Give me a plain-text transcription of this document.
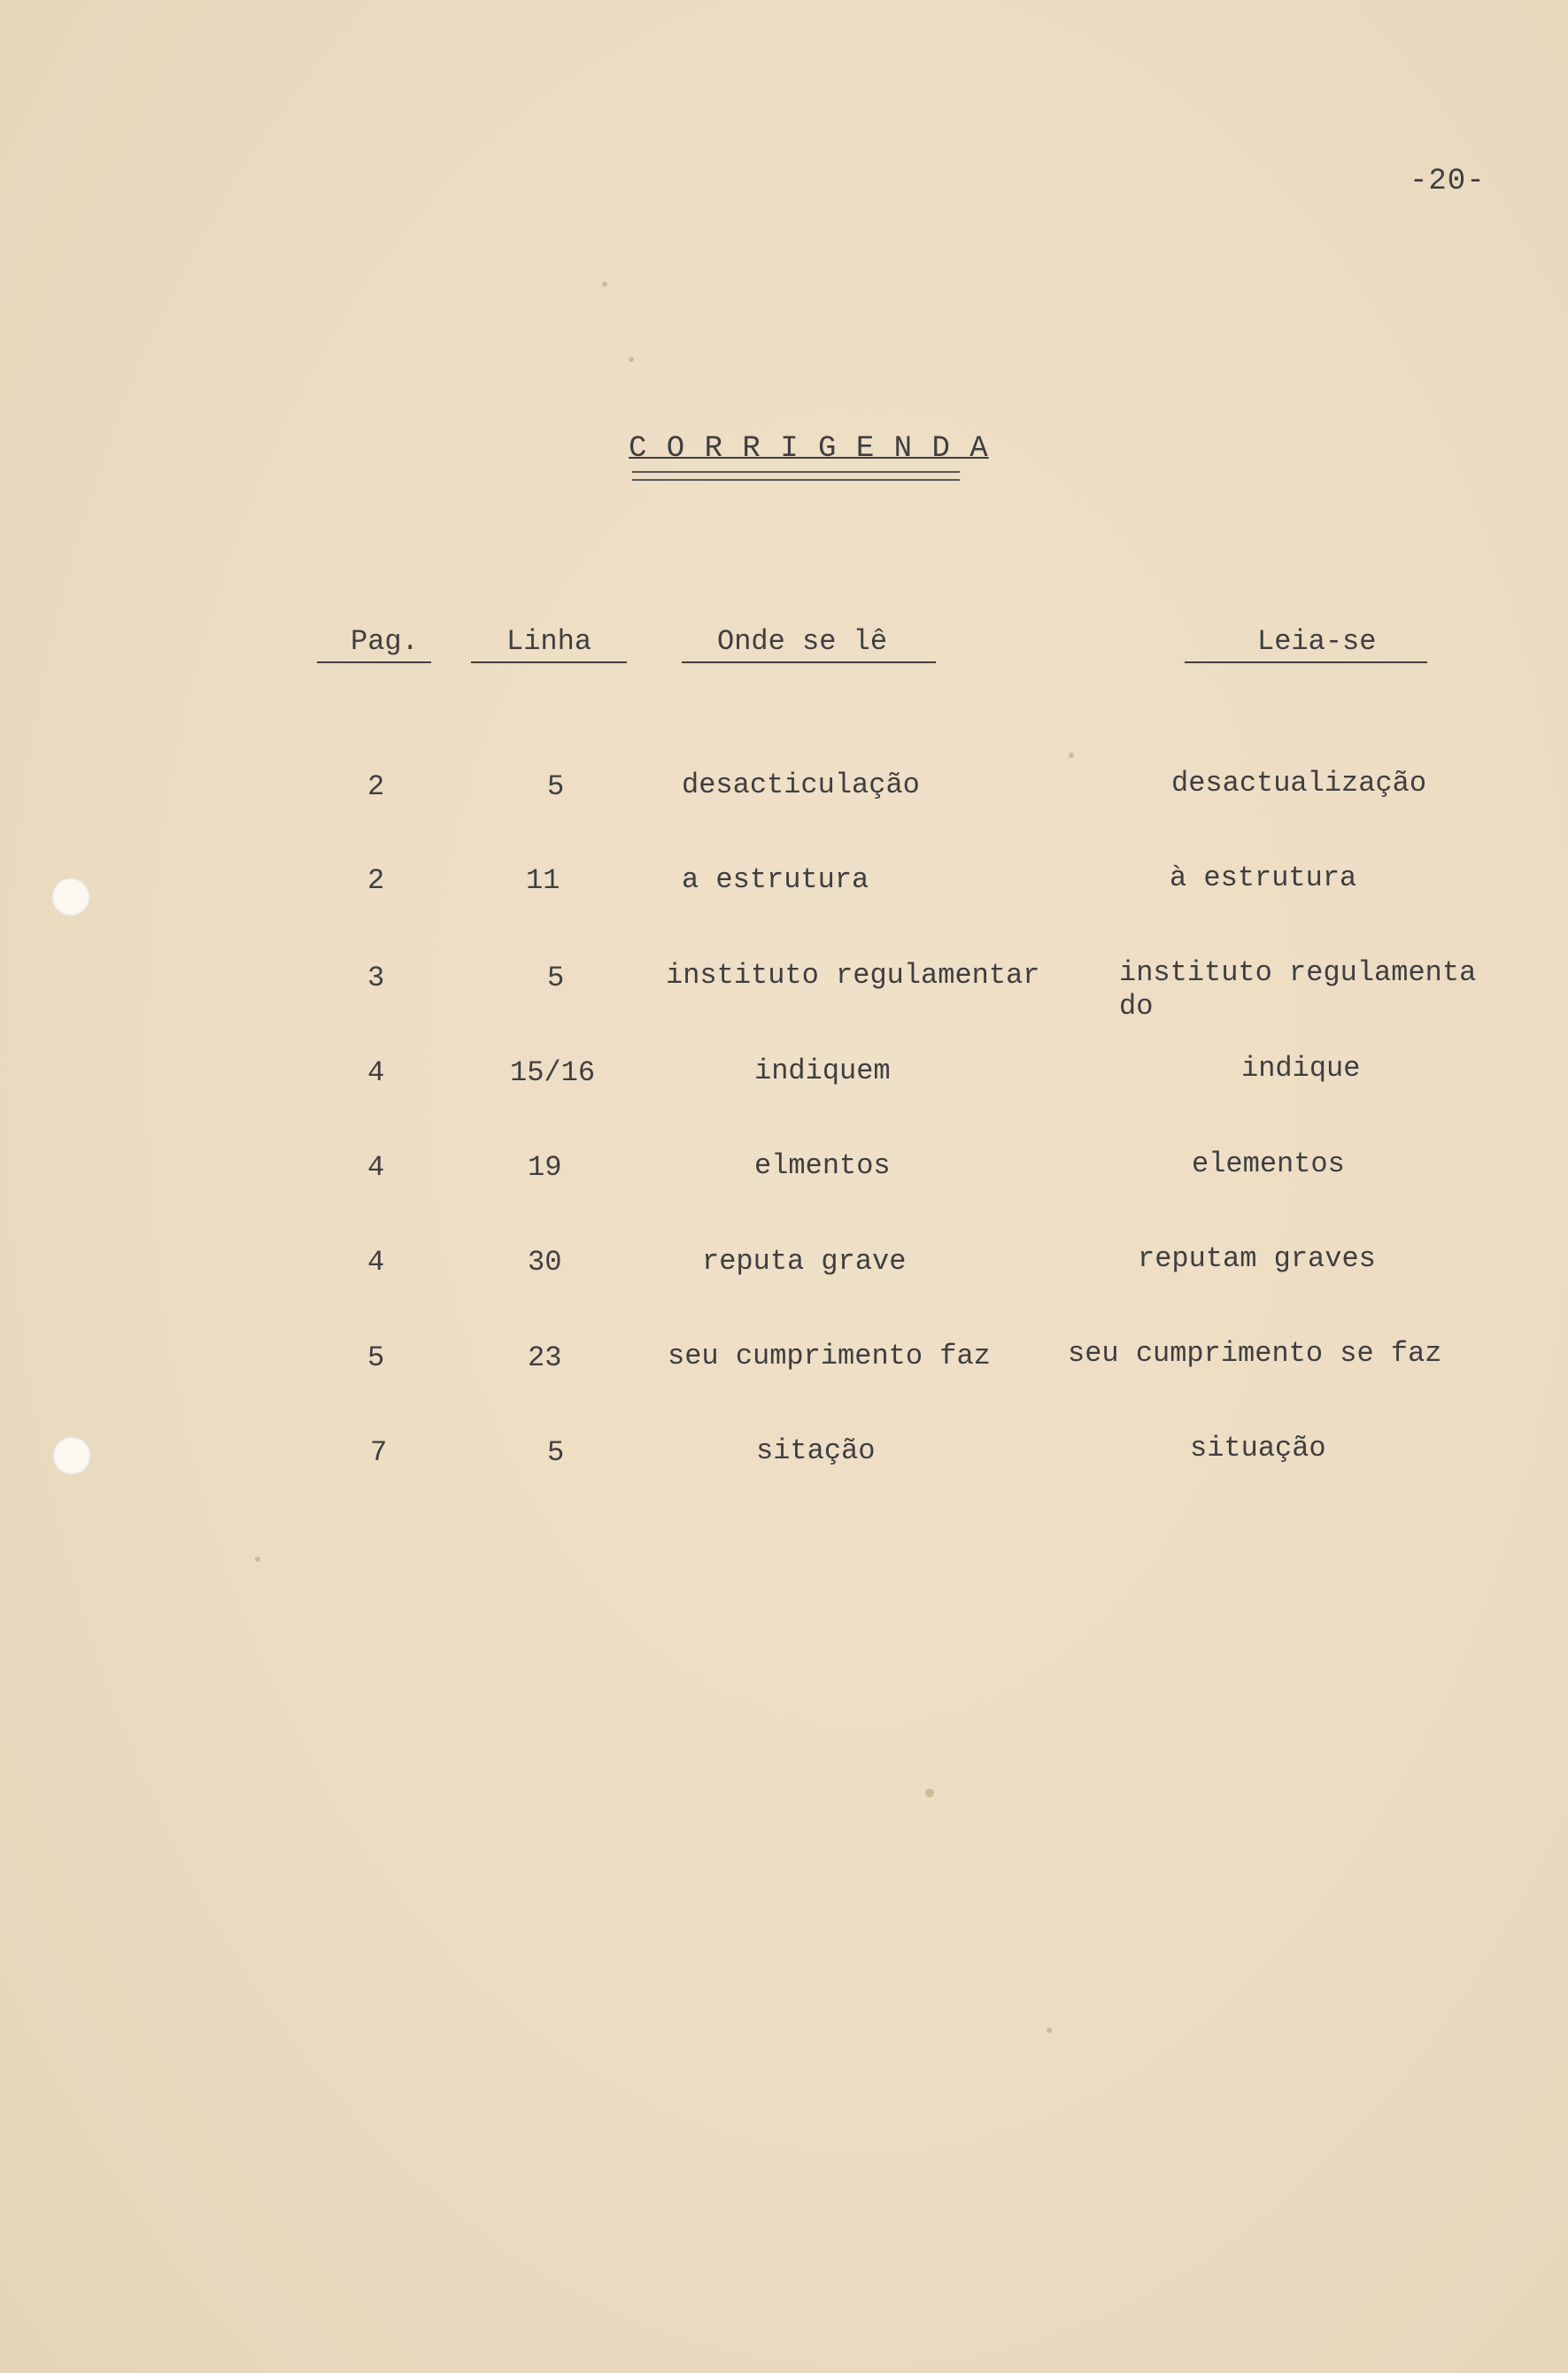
-20-
C O R R I G E N D A
Pag.	Linha	Onde se lê	Leia-se
2	5	desacticulação	desactualização
2	11	a estrutura	à estrutura
3	5	instituto regulamentar	instituto regulamenta
do
4	15/16	indiquem	indique
4	19	elmentos	elementos
4	30	reputa grave	reputam graves
5	23	seu cumprimento faz	seu cumprimento se faz
7	5	sitação	situação
